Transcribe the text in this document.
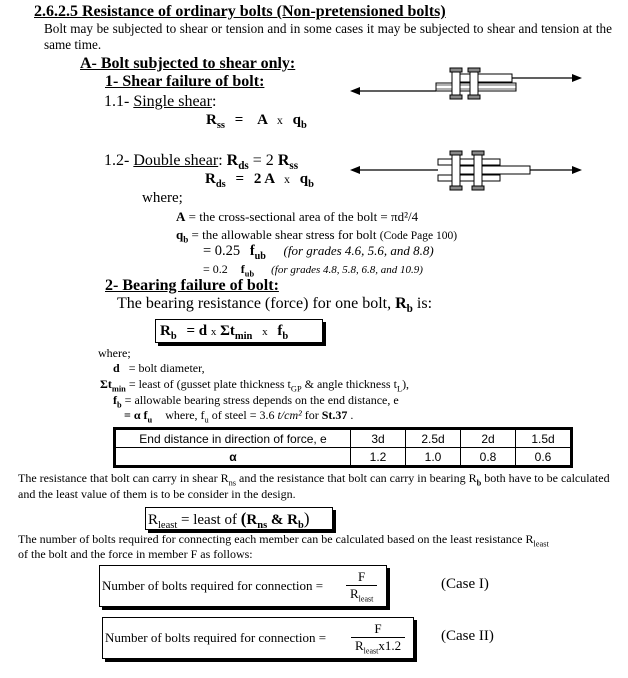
2.6.2.5 Resistance of ordinary bolts (Non-pretensioned bolts)
Bolt may be subjected to shear or tension and in some cases it may be subjected to shear and tension at the same time.
A- Bolt subjected to shear only:
1- Shear failure of bolt:
1.1- Single shear:
$R_{ss} = A$ x $q_b$
1.2- Double shear: $R_{ds} = 2$ $R_{ss}$
$R_{ds} = 2$ A x $q_b$
where;
A = the cross-sectional area of the bolt = πd²/4
$q_b$ = the allowable shear stress for bolt (Code Page 100)
= 0.25 $f_{ub}$ (for grades 4.6, 5.6, and 8.8)
= 0.2 $f_{ub}$ (for grades 4.8, 5.8, 6.8, and 10.9)
2- Bearing failure of bolt:
The bearing resistance (force) for one bolt, $R_b$ is:
$R_b = d$ x $\Sigma t_{min}$ x $f_b$
where;
d = bolt diameter,
$\Sigma t_{min}$ = least of (gusset plate thickness $t_{GP}$ & angle thickness $t_L$),
$f_b$ = allowable bearing stress depends on the end distance, e
= α $f_u$ where, $f_u$ of steel = 3.6 t/cm² for St.37 .
End distance in direction of force, e	3d	2.5d	2d	1.5d
α	1.2	1.0	0.8	0.6
The resistance that bolt can carry in shear $R_{ns}$ and the resistance that bolt can carry in bearing $R_b$ both have to be calculated and the least value of them is to be consider in the design.
$R_{least}$ = least of ($R_{ns}$ & $R_b$)
The number of bolts required for connecting each member can be calculated based on the least resistance $R_{least}$
of the bolt and the force in member F as follows:
Number of bolts required for connection =
F
$R_{least}$
(Case I)
Number of bolts required for connection =
F
$R_{least}x1.2$
(Case II)
